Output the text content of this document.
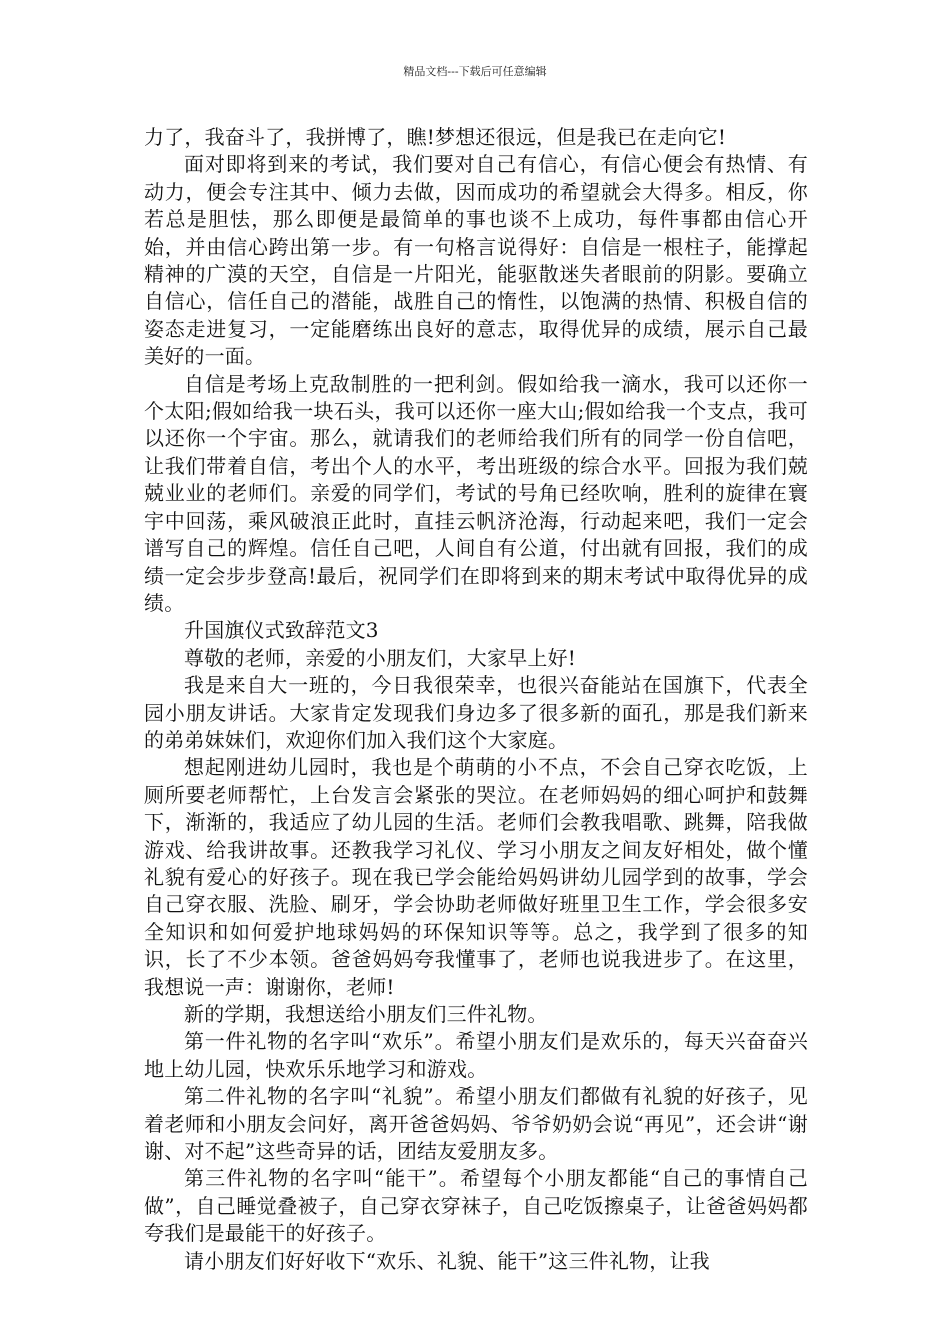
精品文档---下载后可任意编辑

力了，我奋斗了，我拼博了，瞧!梦想还很远，但是我已在走向它!

面对即将到来的考试，我们要对自己有信心，有信心便会有热情、有动力，便会专注其中、倾力去做，因而成功的希望就会大得多。相反，你若总是胆怯，那么即便是最简单的事也谈不上成功，每件事都由信心开始，并由信心跨出第一步。有一句格言说得好：自信是一根柱子，能撑起精神的广漠的天空，自信是一片阳光，能驱散迷失者眼前的阴影。要确立自信心，信任自己的潜能，战胜自己的惰性，以饱满的热情、积极自信的姿态走进复习，一定能磨练出良好的意志，取得优异的成绩，展示自己最美好的一面。

自信是考场上克敌制胜的一把利剑。假如给我一滴水，我可以还你一个太阳;假如给我一块石头，我可以还你一座大山;假如给我一个支点，我可以还你一个宇宙。那么，就请我们的老师给我们所有的同学一份自信吧，让我们带着自信，考出个人的水平，考出班级的综合水平。回报为我们兢兢业业的老师们。亲爱的同学们，考试的号角已经吹响，胜利的旋律在寰宇中回荡，乘风破浪正此时，直挂云帆济沧海，行动起来吧，我们一定会谱写自己的辉煌。信任自己吧，人间自有公道，付出就有回报，我们的成绩一定会步步登高!最后，祝同学们在即将到来的期末考试中取得优异的成绩。

升国旗仪式致辞范文3

尊敬的老师，亲爱的小朋友们，大家早上好!

我是来自大一班的，今日我很荣幸，也很兴奋能站在国旗下，代表全园小朋友讲话。大家肯定发现我们身边多了很多新的面孔，那是我们新来的弟弟妹妹们，欢迎你们加入我们这个大家庭。

想起刚进幼儿园时，我也是个萌萌的小不点，不会自己穿衣吃饭，上厕所要老师帮忙，上台发言会紧张的哭泣。在老师妈妈的细心呵护和鼓舞下，渐渐的，我适应了幼儿园的生活。老师们会教我唱歌、跳舞，陪我做游戏、给我讲故事。还教我学习礼仪、学习小朋友之间友好相处，做个懂礼貌有爱心的好孩子。现在我已学会能给妈妈讲幼儿园学到的故事，学会自己穿衣服、洗脸、刷牙，学会协助老师做好班里卫生工作，学会很多安全知识和如何爱护地球妈妈的环保知识等等。总之，我学到了很多的知识，长了不少本领。爸爸妈妈夸我懂事了，老师也说我进步了。在这里，我想说一声：谢谢你，老师!

新的学期，我想送给小朋友们三件礼物。

第一件礼物的名字叫“欢乐”。希望小朋友们是欢乐的，每天兴奋奋兴地上幼儿园，快欢乐乐地学习和游戏。

第二件礼物的名字叫“礼貌”。希望小朋友们都做有礼貌的好孩子，见着老师和小朋友会问好，离开爸爸妈妈、爷爷奶奶会说“再见”，还会讲“谢谢、对不起”这些奇异的话，团结友爱朋友多。

第三件礼物的名字叫“能干”。希望每个小朋友都能“自己的事情自己做”，自己睡觉叠被子，自己穿衣穿袜子，自己吃饭擦桌子，让爸爸妈妈都夸我们是最能干的好孩子。

请小朋友们好好收下“欢乐、礼貌、能干”这三件礼物，让我
